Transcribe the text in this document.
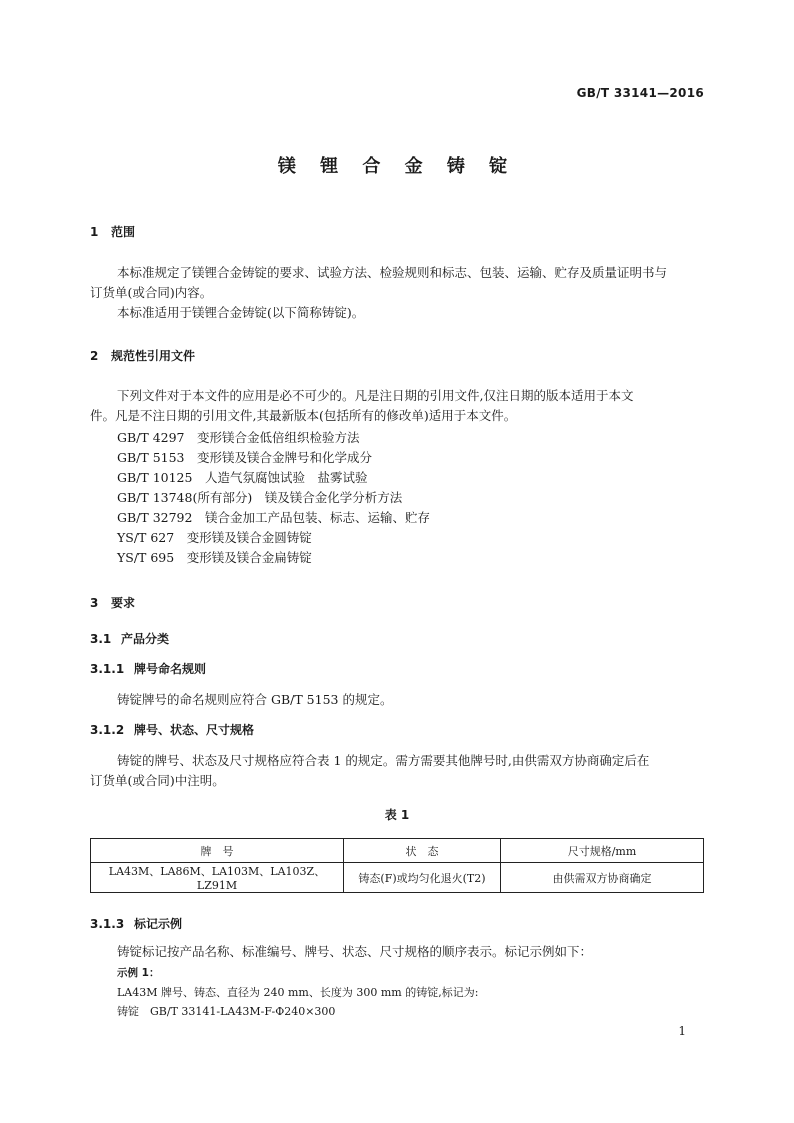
GB/T 33141—2016
镁 锂 合 金 铸 锭
1 范围
本标准规定了镁锂合金铸锭的要求、试验方法、检验规则和标志、包装、运输、贮存及质量证明书与
订货单(或合同)内容。
本标准适用于镁锂合金铸锭(以下简称铸锭)。
2 规范性引用文件
下列文件对于本文件的应用是必不可少的。凡是注日期的引用文件,仅注日期的版本适用于本文
件。凡是不注日期的引用文件,其最新版本(包括所有的修改单)适用于本文件。
GB/T 4297　 变形镁合金低倍组织检验方法
GB/T 5153　 变形镁及镁合金牌号和化学成分
GB/T 10125　 人造气氛腐蚀试验　盐雾试验
GB/T 13748(所有部分)　 镁及镁合金化学分析方法
GB/T 32792　 镁合金加工产品包装、标志、运输、贮存
YS/T 627　 变形镁及镁合金圆铸锭
YS/T 695　 变形镁及镁合金扁铸锭
3 要求
3.1 产品分类
3.1.1 牌号命名规则
铸锭牌号的命名规则应符合 GB/T 5153 的规定。
3.1.2 牌号、状态、尺寸规格
铸锭的牌号、状态及尺寸规格应符合表 1 的规定。需方需要其他牌号时,由供需双方协商确定后在
订货单(或合同)中注明。
表 1
牌　号	状　态	尺寸规格/mm
LA43M、LA86M、LA103M、LA103Z、LZ91M	铸态(F)或均匀化退火(T2)	由供需双方协商确定
3.1.3 标记示例
铸锭标记按产品名称、标准编号、牌号、状态、尺寸规格的顺序表示。标记示例如下：
示例 1：
LA43M 牌号、铸态、直径为 240 mm、长度为 300 mm 的铸锭,标记为:
铸锭　GB/T 33141-LA43M-F-Φ240×300
1
